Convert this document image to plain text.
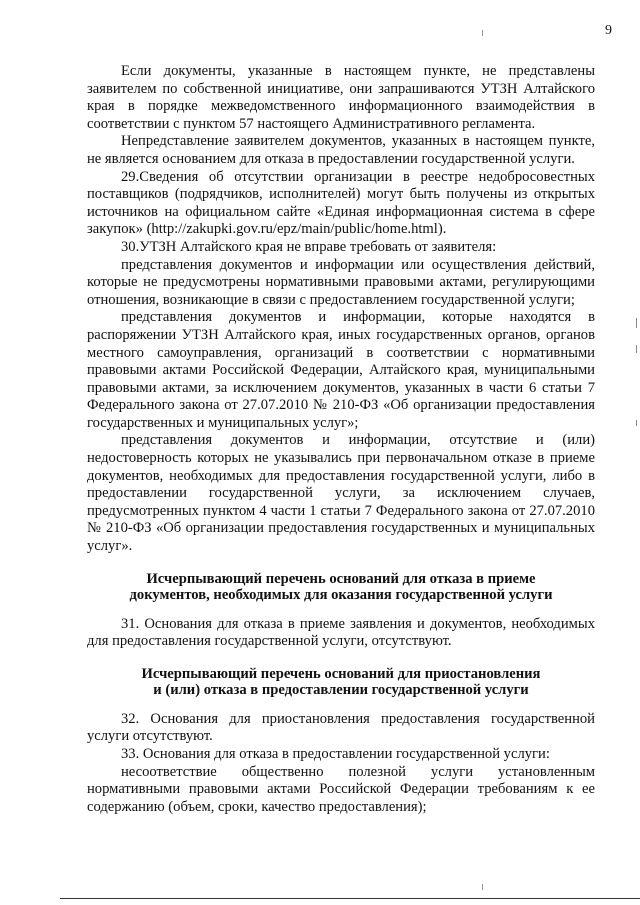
9

Если документы, указанные в настоящем пункте, не представлены заявителем по собственной инициативе, они запрашиваются УТЗН Алтайского края в порядке межведомственного информационного взаимодействия в соответствии с пунктом 57 настоящего Административного регламента.

Непредставление заявителем документов, указанных в настоящем пункте, не является основанием для отказа в предоставлении государственной услуги.

29.Сведения об отсутствии организации в реестре недобросовестных поставщиков (подрядчиков, исполнителей) могут быть получены из открытых источников на официальном сайте «Единая информационная система в сфере закупок» (http://zakupki.gov.ru/epz/main/public/home.html).

30.УТЗН Алтайского края не вправе требовать от заявителя:

представления документов и информации или осуществления действий, которые не предусмотрены нормативными правовыми актами, регулирующими отношения, возникающие в связи с предоставлением государственной услуги;

представления документов и информации, которые находятся в распоряжении УТЗН Алтайского края, иных государственных органов, органов местного самоуправления, организаций в соответствии с нормативными правовыми актами Российской Федерации, Алтайского края, муниципальными правовыми актами, за исключением документов, указанных в части 6 статьи 7 Федерального закона от 27.07.2010 № 210-ФЗ «Об организации предоставления государственных и муниципальных услуг»;

представления документов и информации, отсутствие и (или) недостоверность которых не указывались при первоначальном отказе в приеме документов, необходимых для предоставления государственной услуги, либо в предоставлении государственной услуги, за исключением случаев, предусмотренных пунктом 4 части 1 статьи 7 Федерального закона от 27.07.2010 № 210-ФЗ «Об организации предоставления государственных и муниципальных услуг».

Исчерпывающий перечень оснований для отказа в приеме
документов, необходимых для оказания государственной услуги

31. Основания для отказа в приеме заявления и документов, необходимых для предоставления государственной услуги, отсутствуют.

Исчерпывающий перечень оснований для приостановления
и (или) отказа в предоставлении государственной услуги

32. Основания для приостановления предоставления государственной услуги отсутствуют.

33. Основания для отказа в предоставлении государственной услуги:

несоответствие общественно полезной услуги установленным нормативными правовыми актами Российской Федерации требованиям к ее содержанию (объем, сроки, качество предоставления);
